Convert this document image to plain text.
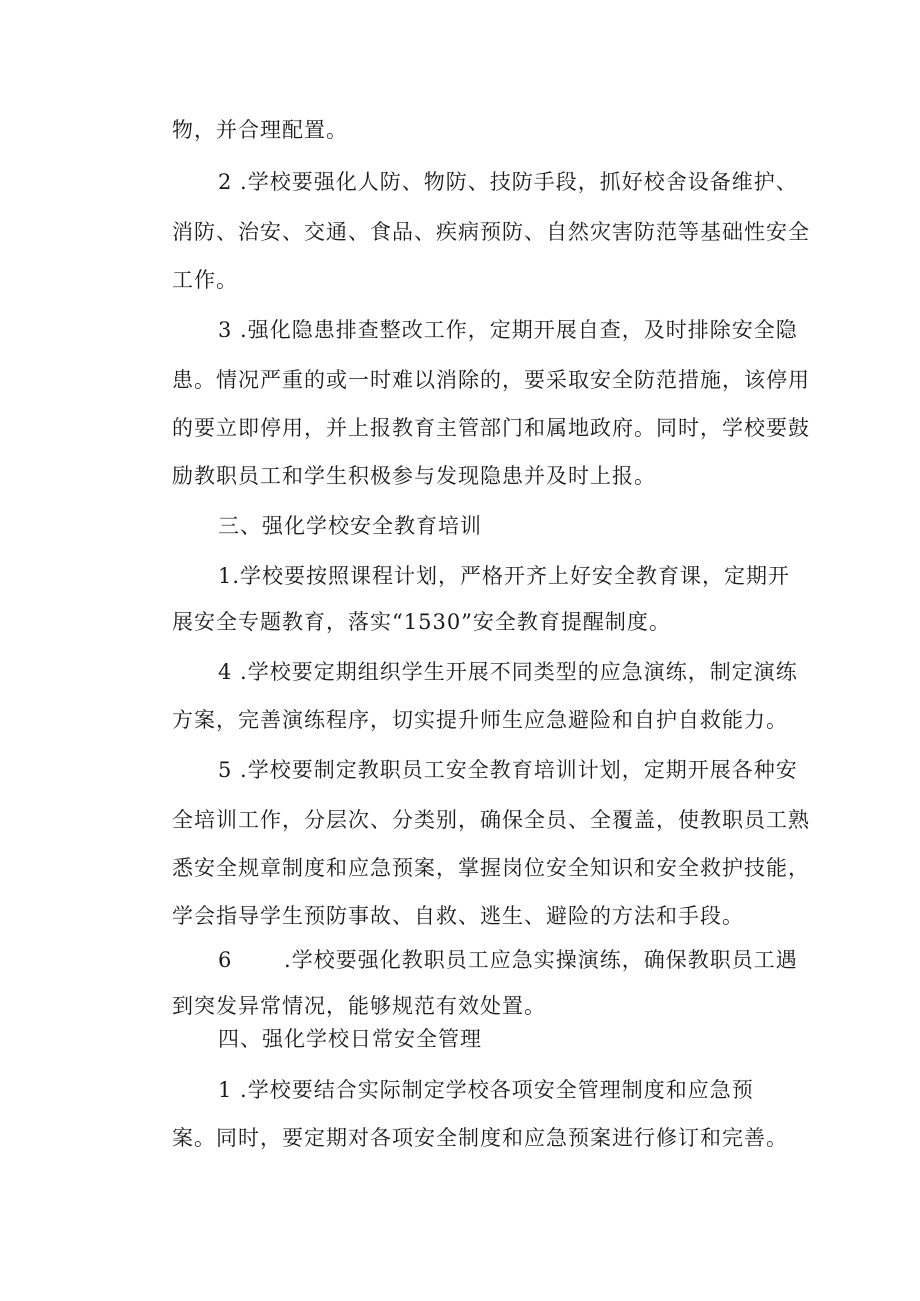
物，并合理配置。
2 .学校要强化人防、物防、技防手段，抓好校舍设备维护、
消防、治安、交通、食品、疾病预防、自然灾害防范等基础性安全
工作。
3 .强化隐患排查整改工作，定期开展自查，及时排除安全隐
患。情况严重的或一时难以消除的，要采取安全防范措施，该停用
的要立即停用，并上报教育主管部门和属地政府。同时，学校要鼓
励教职员工和学生积极参与发现隐患并及时上报。
三、强化学校安全教育培训
1.学校要按照课程计划，严格开齐上好安全教育课，定期开
展安全专题教育，落实“1530”安全教育提醒制度。
4 .学校要定期组织学生开展不同类型的应急演练，制定演练
方案，完善演练程序，切实提升师生应急避险和自护自救能力。
5 .学校要制定教职员工安全教育培训计划，定期开展各种安
全培训工作，分层次、分类别，确保全员、全覆盖，使教职员工熟
悉安全规章制度和应急预案，掌握岗位安全知识和安全救护技能，
学会指导学生预防事故、自救、逃生、避险的方法和手段。
6 　　.学校要强化教职员工应急实操演练，确保教职员工遇
到突发异常情况，能够规范有效处置。
四、强化学校日常安全管理
1 .学校要结合实际制定学校各项安全管理制度和应急预
案。同时，要定期对各项安全制度和应急预案进行修订和完善。
